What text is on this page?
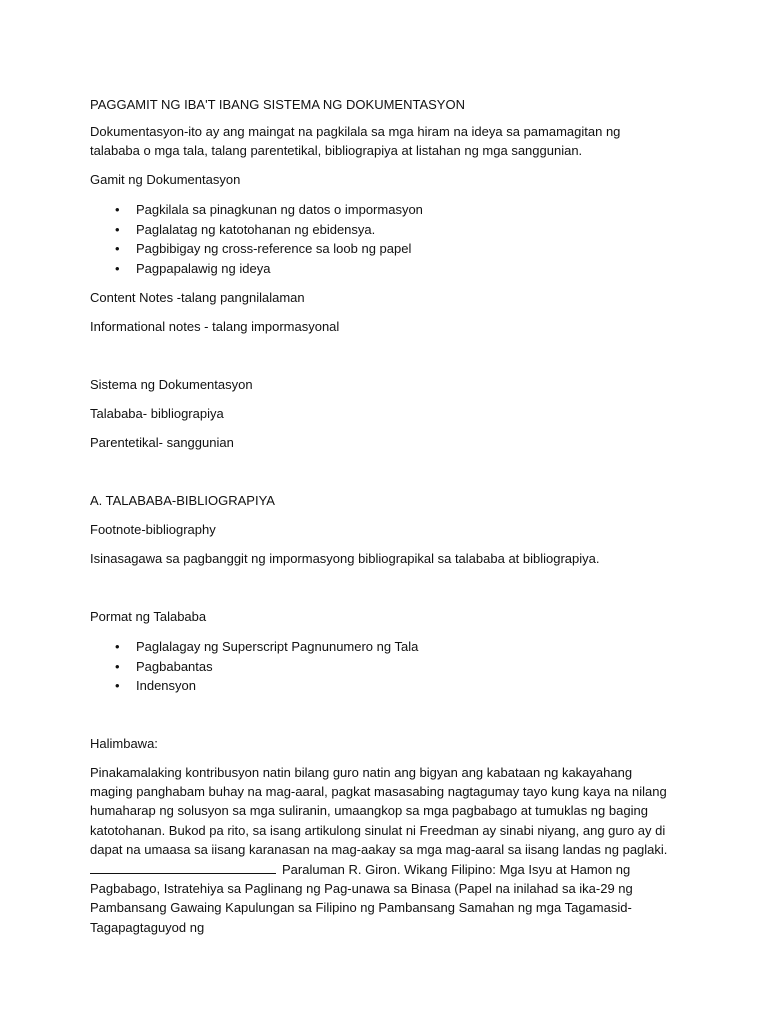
PAGGAMIT NG IBA'T IBANG SISTEMA NG DOKUMENTASYON

Dokumentasyon-ito ay ang maingat na pagkilala sa mga hiram na ideya sa pamamagitan ng talababa o mga tala, talang parentetikal, bibliograpiya at listahan ng mga sanggunian.

Gamit ng Dokumentasyon

• Pagkilala sa pinagkunan ng datos o impormasyon
• Paglalatag ng katotohanan ng ebidensya.
• Pagbibigay ng cross-reference sa loob ng papel
• Pagpapalawig ng ideya

Content Notes -talang pangnilalaman

Informational notes - talang impormasyonal

Sistema ng Dokumentasyon

Talababa- bibliograpiya

Parentetikal- sanggunian

A. TALABABA-BIBLIOGRAPIYA

Footnote-bibliography

Isinasagawa sa pagbanggit ng impormasyong bibliograpikal sa talababa at bibliograpiya.

Pormat ng Talababa

• Paglalagay ng Superscript Pagnunumero ng Tala
• Pagbabantas
• Indensyon

Halimbawa:

Pinakamalaking kontribusyon natin bilang guro natin ang bigyan ang kabataan ng kakayahang maging panghabam buhay na mag-aaral, pagkat masasabing nagtagumay tayo kung kaya na nilang humaharap ng solusyon sa mga suliranin, umaangkop sa mga pagbabago at tumuklas ng baging katotohanan. Bukod pa rito, sa isang artikulong sinulat ni Freedman ay sinabi niyang, ang guro ay di dapat na umaasa sa iisang karanasan na mag-aakay sa mga mag-aaral sa iisang landas ng paglaki.
Paraluman R. Giron. Wikang Filipino: Mga Isyu at Hamon ng Pagbabago, Istratehiya sa Paglinang ng Pag-unawa sa Binasa (Papel na inilahad sa ika-29 ng Pambansang Gawaing Kapulungan sa Filipino ng Pambansang Samahan ng mga Tagamasid-Tagapagtaguyod ng
